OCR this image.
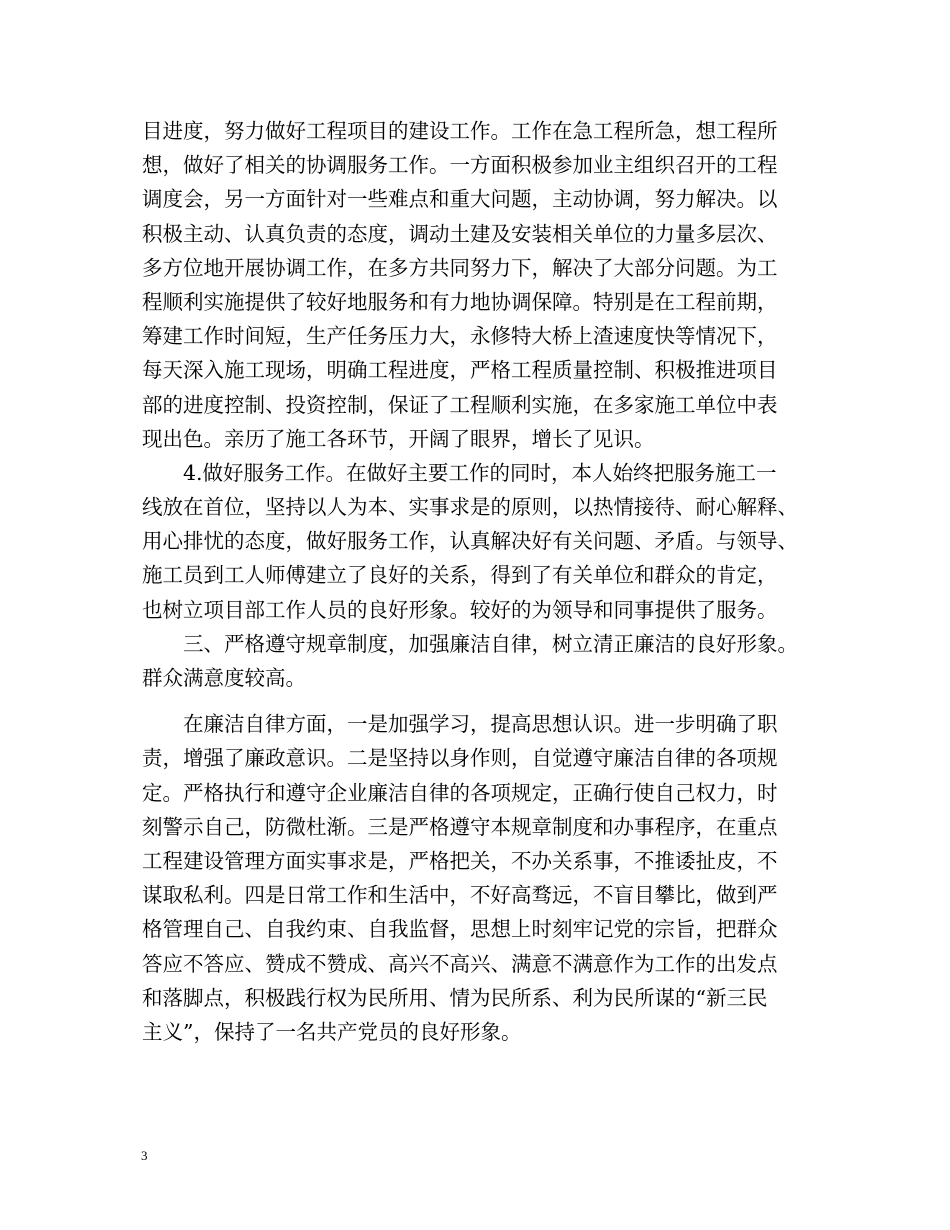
目进度，努力做好工程项目的建设工作。工作在急工程所急，想工程所
想，做好了相关的协调服务工作。一方面积极参加业主组织召开的工程
调度会，另一方面针对一些难点和重大问题，主动协调，努力解决。以
积极主动、认真负责的态度，调动土建及安装相关单位的力量多层次、
多方位地开展协调工作，在多方共同努力下，解决了大部分问题。为工
程顺利实施提供了较好地服务和有力地协调保障。特别是在工程前期，
筹建工作时间短，生产任务压力大，永修特大桥上渣速度快等情况下，
每天深入施工现场，明确工程进度，严格工程质量控制、积极推进项目
部的进度控制、投资控制，保证了工程顺利实施，在多家施工单位中表
现出色。亲历了施工各环节，开阔了眼界，增长了见识。
　　4.做好服务工作。在做好主要工作的同时，本人始终把服务施工一
线放在首位，坚持以人为本、实事求是的原则，以热情接待、耐心解释、
用心排忧的态度，做好服务工作，认真解决好有关问题、矛盾。与领导、
施工员到工人师傅建立了良好的关系，得到了有关单位和群众的肯定，
也树立项目部工作人员的良好形象。较好的为领导和同事提供了服务。
　　三、严格遵守规章制度，加强廉洁自律，树立清正廉洁的良好形象。
群众满意度较高。
　　在廉洁自律方面，一是加强学习，提高思想认识。进一步明确了职
责，增强了廉政意识。二是坚持以身作则，自觉遵守廉洁自律的各项规
定。严格执行和遵守企业廉洁自律的各项规定，正确行使自己权力，时
刻警示自己，防微杜渐。三是严格遵守本规章制度和办事程序，在重点
工程建设管理方面实事求是，严格把关，不办关系事，不推诿扯皮，不
谋取私利。四是日常工作和生活中，不好高骛远，不盲目攀比，做到严
格管理自己、自我约束、自我监督，思想上时刻牢记党的宗旨，把群众
答应不答应、赞成不赞成、高兴不高兴、满意不满意作为工作的出发点
和落脚点，积极践行权为民所用、情为民所系、利为民所谋的“新三民
主义”，保持了一名共产党员的良好形象。
3
